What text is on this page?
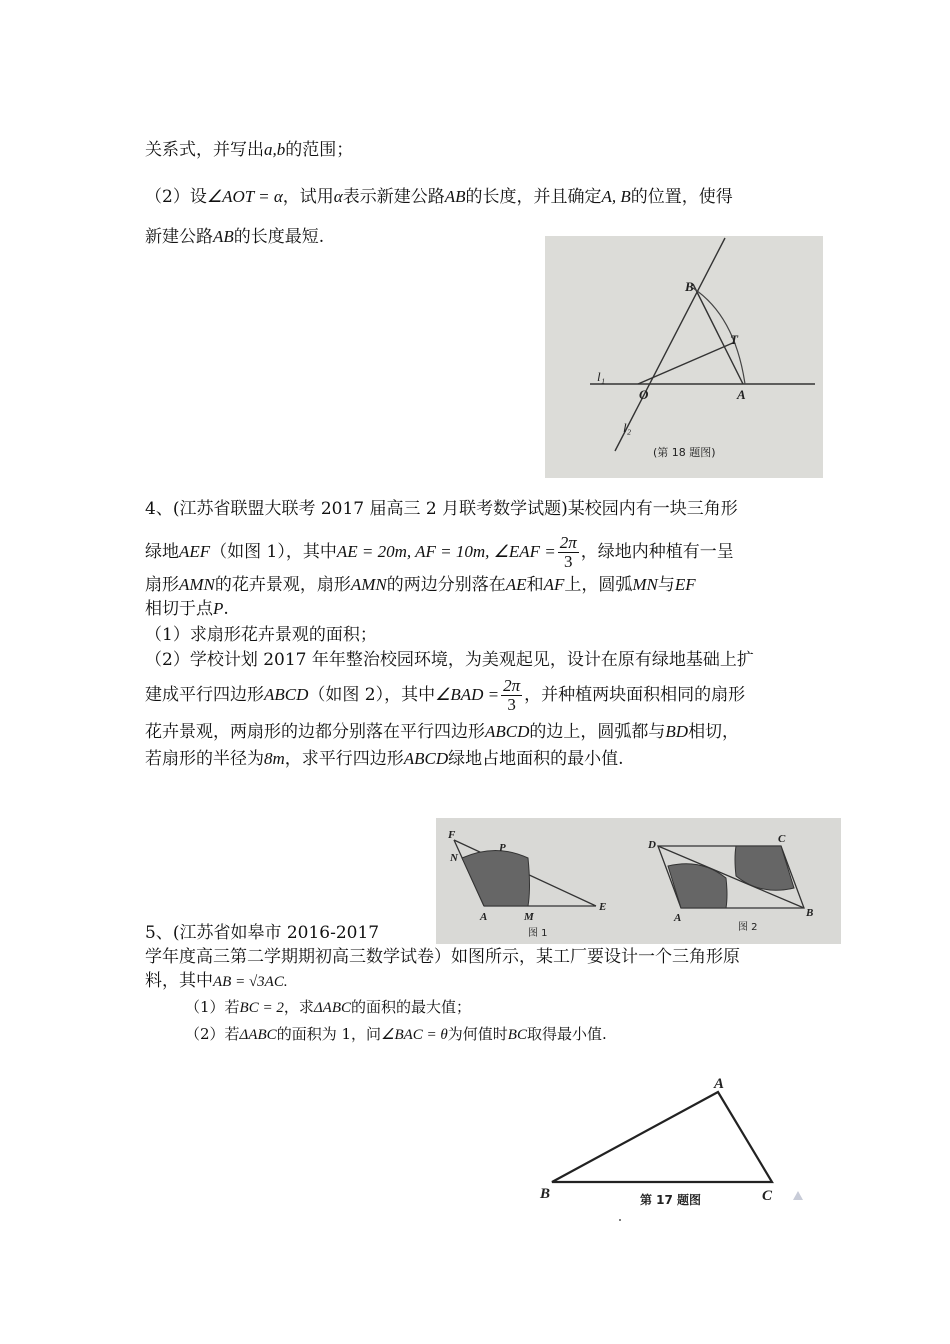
关系式，并写出a,b的范围；
（2）设∠AOT = α，试用α表示新建公路AB的长度，并且确定A, B的位置，使得
新建公路AB的长度最短.
B
T
l₁
O	A
l₂
(第 18 题图)
4、(江苏省联盟大联考 2017 届高三 2 月联考数学试题)某校园内有一块三角形
绿地AEF（如图 1），其中AE = 20m, AF = 10m, ∠EAF = $\frac{2\pi}{3}$ ，绿地内种植有一呈
扇形AMN的花卉景观，扇形AMN的两边分别落在AE和AF上，圆弧MN与EF
相切于点P.
（1）求扇形花卉景观的面积；
（2）学校计划 2017 年年整治校园环境，为美观起见，设计在原有绿地基础上扩
建成平行四边形ABCD（如图 2），其中∠BAD = $\frac{2\pi}{3}$ ，并种植两块面积相同的扇形
花卉景观，两扇形的边都分别落在平行四边形ABCD的边上，圆弧都与BD相切，
若扇形的半径为8m，求平行四边形ABCD绿地占地面积的最小值.
F
N
P
A	M
E
图 1
D	C
A	B
图 2
5、(江苏省如皋市 2016-2017
学年度高三第二学期期初高三数学试卷）如图所示，某工厂要设计一个三角形原
料，其中AB = √3AC.
（1）若BC = 2，求ΔABC的面积的最大值；
（2）若ΔABC的面积为 1，问∠BAC = θ为何值时BC取得最小值.
A
B	C
第 17 题图
